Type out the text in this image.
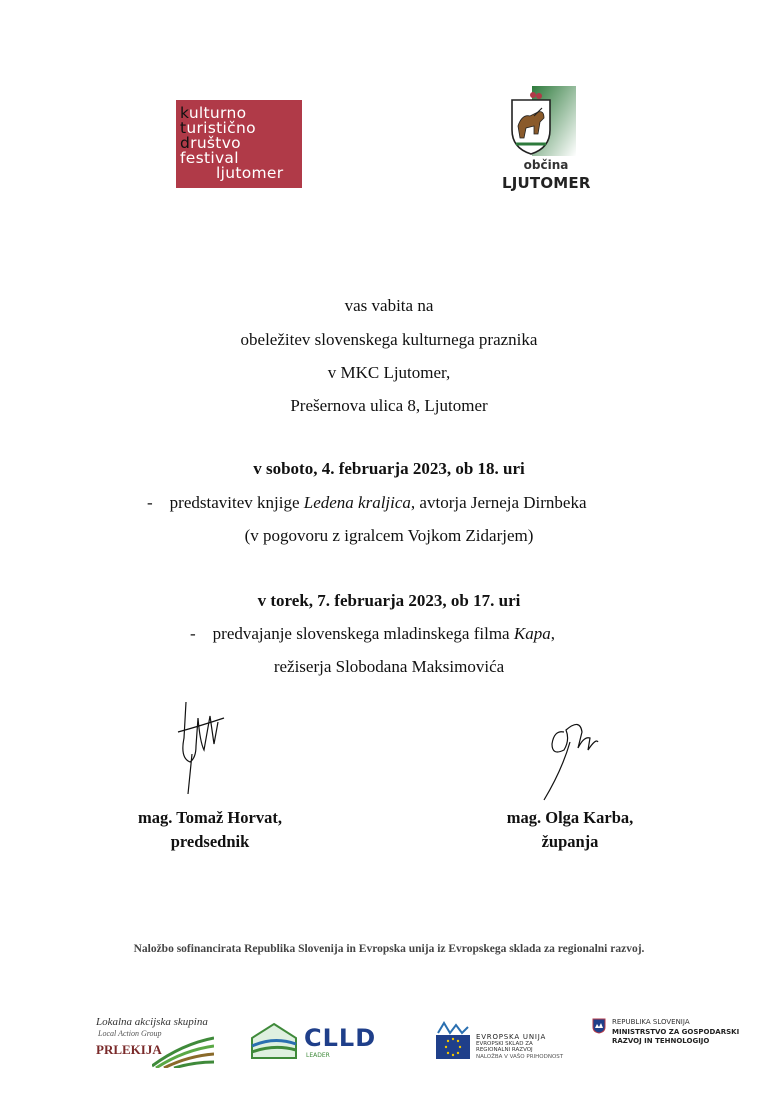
kulturno
turistično
društvo
festival
ljutomer	občina
LJUTOMER
vas vabita na
obeležitev slovenskega kulturnega praznika
v MKC Ljutomer,
Prešernova ulica 8, Ljutomer
v soboto, 4. februarja 2023, ob 18. uri
- predstavitev knjige Ledena kraljica, avtorja Jerneja Dirnbeka
(v pogovoru z igralcem Vojkom Zidarjem)
v torek, 7. februarja 2023, ob 17. uri
- predvajanje slovenskega mladinskega filma Kapa,
režiserja Slobodana Maksimovića
mag. Tomaž Horvat,
predsednik
mag. Olga Karba,
županja
Naložbo sofinancirata Republika Slovenija in Evropska unija iz Evropskega sklada za regionalni razvoj.
Lokalna akcijska skupina
Local Action Group
PRLEKIJA	CLLD
LEADER
EVROPSKA UNIJA
EVROPSKI SKLAD ZA
REGIONALNI RAZVOJ
NALOŽBA V VAŠO PRIHODNOST
REPUBLIKA SLOVENIJA
MINISTRSTVO ZA GOSPODARSKI
RAZVOJ IN TEHNOLOGIJO
